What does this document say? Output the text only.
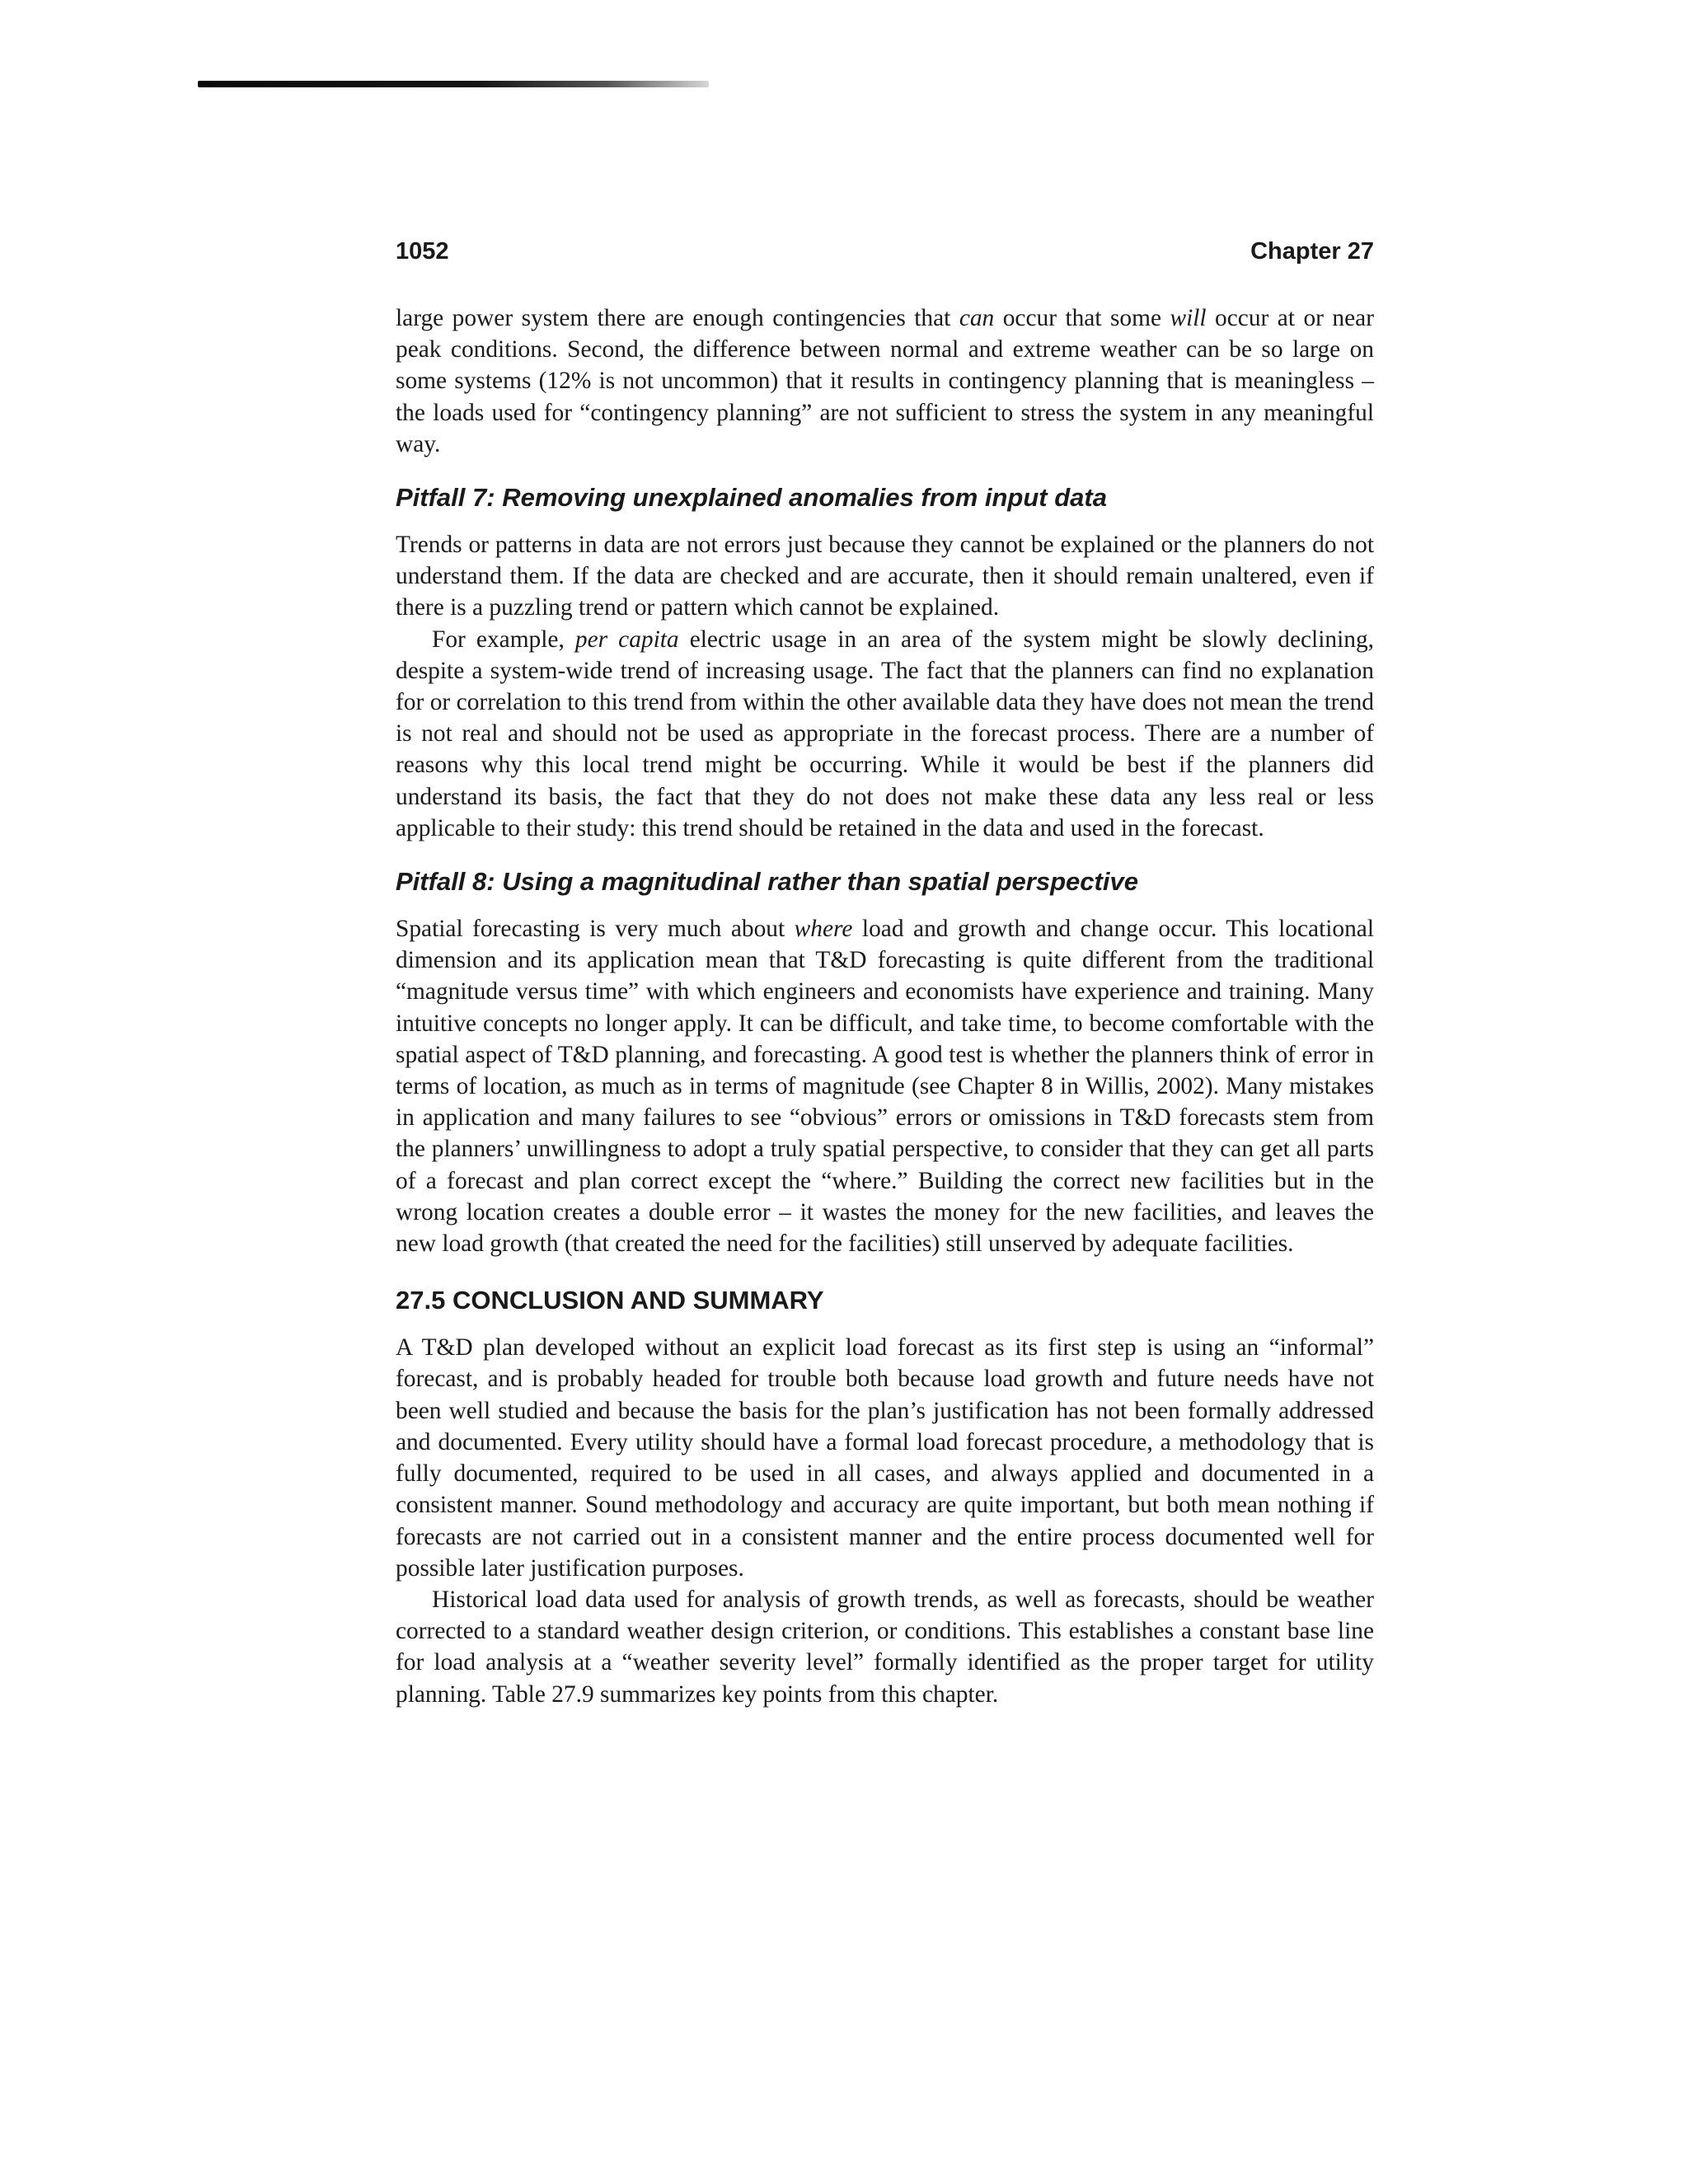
1052	Chapter 27

large power system there are enough contingencies that can occur that some will occur at or near peak conditions. Second, the difference between normal and extreme weather can be so large on some systems (12% is not uncommon) that it results in contingency planning that is meaningless – the loads used for “contingency planning” are not sufficient to stress the system in any meaningful way.

Pitfall 7: Removing unexplained anomalies from input data

Trends or patterns in data are not errors just because they cannot be explained or the planners do not understand them. If the data are checked and are accurate, then it should remain unaltered, even if there is a puzzling trend or pattern which cannot be explained.

For example, per capita electric usage in an area of the system might be slowly declining, despite a system-wide trend of increasing usage. The fact that the planners can find no explanation for or correlation to this trend from within the other available data they have does not mean the trend is not real and should not be used as appropriate in the forecast process. There are a number of reasons why this local trend might be occurring. While it would be best if the planners did understand its basis, the fact that they do not does not make these data any less real or less applicable to their study: this trend should be retained in the data and used in the forecast.

Pitfall 8: Using a magnitudinal rather than spatial perspective

Spatial forecasting is very much about where load and growth and change occur. This locational dimension and its application mean that T&D forecasting is quite different from the traditional “magnitude versus time” with which engineers and economists have experience and training. Many intuitive concepts no longer apply. It can be difficult, and take time, to become comfortable with the spatial aspect of T&D planning, and forecasting. A good test is whether the planners think of error in terms of location, as much as in terms of magnitude (see Chapter 8 in Willis, 2002). Many mistakes in application and many failures to see “obvious” errors or omissions in T&D forecasts stem from the planners’ unwillingness to adopt a truly spatial perspective, to consider that they can get all parts of a forecast and plan correct except the “where.” Building the correct new facilities but in the wrong location creates a double error – it wastes the money for the new facilities, and leaves the new load growth (that created the need for the facilities) still unserved by adequate facilities.

27.5 CONCLUSION AND SUMMARY

A T&D plan developed without an explicit load forecast as its first step is using an “informal” forecast, and is probably headed for trouble both because load growth and future needs have not been well studied and because the basis for the plan’s justification has not been formally addressed and documented. Every utility should have a formal load forecast procedure, a methodology that is fully documented, required to be used in all cases, and always applied and documented in a consistent manner. Sound methodology and accuracy are quite important, but both mean nothing if forecasts are not carried out in a consistent manner and the entire process documented well for possible later justification purposes.

Historical load data used for analysis of growth trends, as well as forecasts, should be weather corrected to a standard weather design criterion, or conditions. This establishes a constant base line for load analysis at a “weather severity level” formally identified as the proper target for utility planning. Table 27.9 summarizes key points from this chapter.
